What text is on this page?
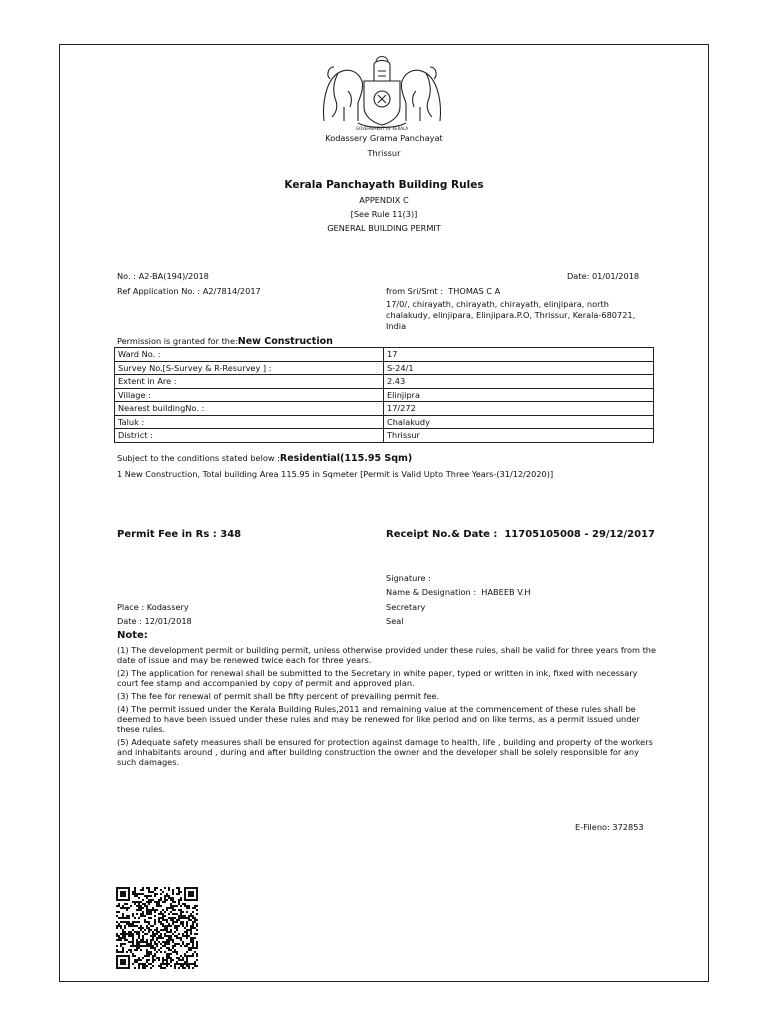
GOVERNMENT OF KERALA
Kodassery Grama Panchayat
Thrissur
Kerala Panchayath Building Rules
APPENDIX C
[See Rule 11(3)]
GENERAL BUILDING PERMIT
No. : A2-BA(194)/2018	Date: 01/01/2018
Ref Application No. : A2/7814/2017	from Sri/Smt : THOMAS C A
17/0/, chirayath, chirayath, chirayath, elinjipara, north chalakudy, elinjipara, Elinjipara.P.O, Thrissur, Kerala-680721, India
Permission is granted for the:New Construction
Ward No. :	17
Survey No.[S-Survey & R-Resurvey ] :	S-24/1
Extent in Are :	2.43
Village :	Elinjipra
Nearest buildingNo. :	17/272
Taluk :	Chalakudy
District :	Thrissur
Subject to the conditions stated below :Residential(115.95 Sqm)
1 New Construction, Total building Area 115.95 in Sqmeter [Permit is Valid Upto Three Years-(31/12/2020)]
Permit Fee in Rs : 348	Receipt No.& Date :  11705105008 - 29/12/2017
Signature :
Name & Designation : HABEEB V.H
Place : Kodassery	Secretary
Date : 12/01/2018	Seal
Note:
(1) The development permit or building permit, unless otherwise provided under these rules, shall be valid for three years from the date of issue and may be renewed twice each for three years.
(2) The application for renewal shall be submitted to the Secretary in white paper, typed or written in ink, fixed with necessary court fee stamp and accompanied by copy of permit and approved plan.
(3) The fee for renewal of permit shall be fifty percent of prevailing permit fee.
(4) The permit issued under the Kerala Building Rules,2011 and remaining value at the commencement of these rules shall be deemed to have been issued under these rules and may be renewed for like period and on like terms, as a permit issued under these rules.
(5) Adequate safety measures shall be ensured for protection against damage to health, life , building and property of the workers and inhabitants around , during and after building construction the owner and the developer shall be solely responsible for any such damages.
E-Fileno: 372853
